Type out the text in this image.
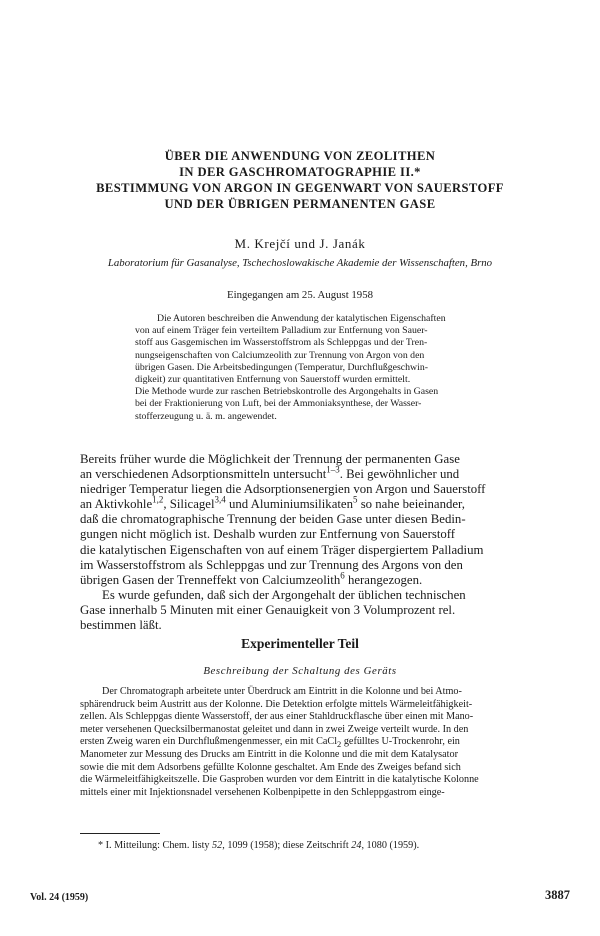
ÜBER DIE ANWENDUNG VON ZEOLITHEN
IN DER GASCHROMATOGRAPHIE II.*
BESTIMMUNG VON ARGON IN GEGENWART VON SAUERSTOFF
UND DER ÜBRIGEN PERMANENTEN GASE
M. Krejčí und J. Janák
Laboratorium für Gasanalyse, Tschechoslowakische Akademie der Wissenschaften, Brno
Eingegangen am 25. August 1958
Die Autoren beschreiben die Anwendung der katalytischen Eigenschaften
von auf einem Träger fein verteiltem Palladium zur Entfernung von Sauer-
stoff aus Gasgemischen im Wasserstoffstrom als Schleppgas und der Tren-
nungseigenschaften von Calciumzeolith zur Trennung von Argon von den
übrigen Gasen. Die Arbeitsbedingungen (Temperatur, Durchflußgeschwin-
digkeit) zur quantitativen Entfernung von Sauerstoff wurden ermittelt.
Die Methode wurde zur raschen Betriebskontrolle des Argongehalts in Gasen
bei der Fraktionierung von Luft, bei der Ammoniaksynthese, der Wasser-
stofferzeugung u. ä. m. angewendet.
Bereits früher wurde die Möglichkeit der Trennung der permanenten Gase
an verschiedenen Adsorptionsmitteln untersucht$^{1-3}$. Bei gewöhnlicher und
niedriger Temperatur liegen die Adsorptionsenergien von Argon und Sauerstoff
an Aktivkohle$^{1,2}$, Silicagel$^{3,4}$ und Aluminiumsilikaten$^5$ so nahe beieinander,
daß die chromatographische Trennung der beiden Gase unter diesen Bedin-
gungen nicht möglich ist. Deshalb wurden zur Entfernung von Sauerstoff
die katalytischen Eigenschaften von auf einem Träger dispergiertem Palladium
im Wasserstoffstrom als Schleppgas und zur Trennung des Argons von den
übrigen Gasen der Trenneffekt von Calciumzeolith$^6$ herangezogen.
Es wurde gefunden, daß sich der Argongehalt der üblichen technischen
Gase innerhalb 5 Minuten mit einer Genauigkeit von 3 Volumprozent rel.
bestimmen läßt.
Experimenteller Teil
Beschreibung der Schaltung des Geräts
Der Chromatograph arbeitete unter Überdruck am Eintritt in die Kolonne und bei Atmo-
sphärendruck beim Austritt aus der Kolonne. Die Detektion erfolgte mittels Wärmeleitfähigkeit-
zellen. Als Schleppgas diente Wasserstoff, der aus einer Stahldruckflasche über einen mit Mano-
meter versehenen Quecksilbermanostat geleitet und dann in zwei Zweige verteilt wurde. In den
ersten Zweig waren ein Durchflußmengenmesser, ein mit CaCl$_2$ gefülltes U-Trockenrohr, ein
Manometer zur Messung des Drucks am Eintritt in die Kolonne und die mit dem Katalysator
sowie die mit dem Adsorbens gefüllte Kolonne geschaltet. Am Ende des Zweiges befand sich
die Wärmeleitfähigkeitszelle. Die Gasproben wurden vor dem Eintritt in die katalytische Kolonne
mittels einer mit Injektionsnadel versehenen Kolbenpipette in den Schleppgastrom einge-
* I. Mitteilung: Chem. listy 52, 1099 (1958); diese Zeitschrift 24, 1080 (1959).
Vol. 24 (1959)	3887
